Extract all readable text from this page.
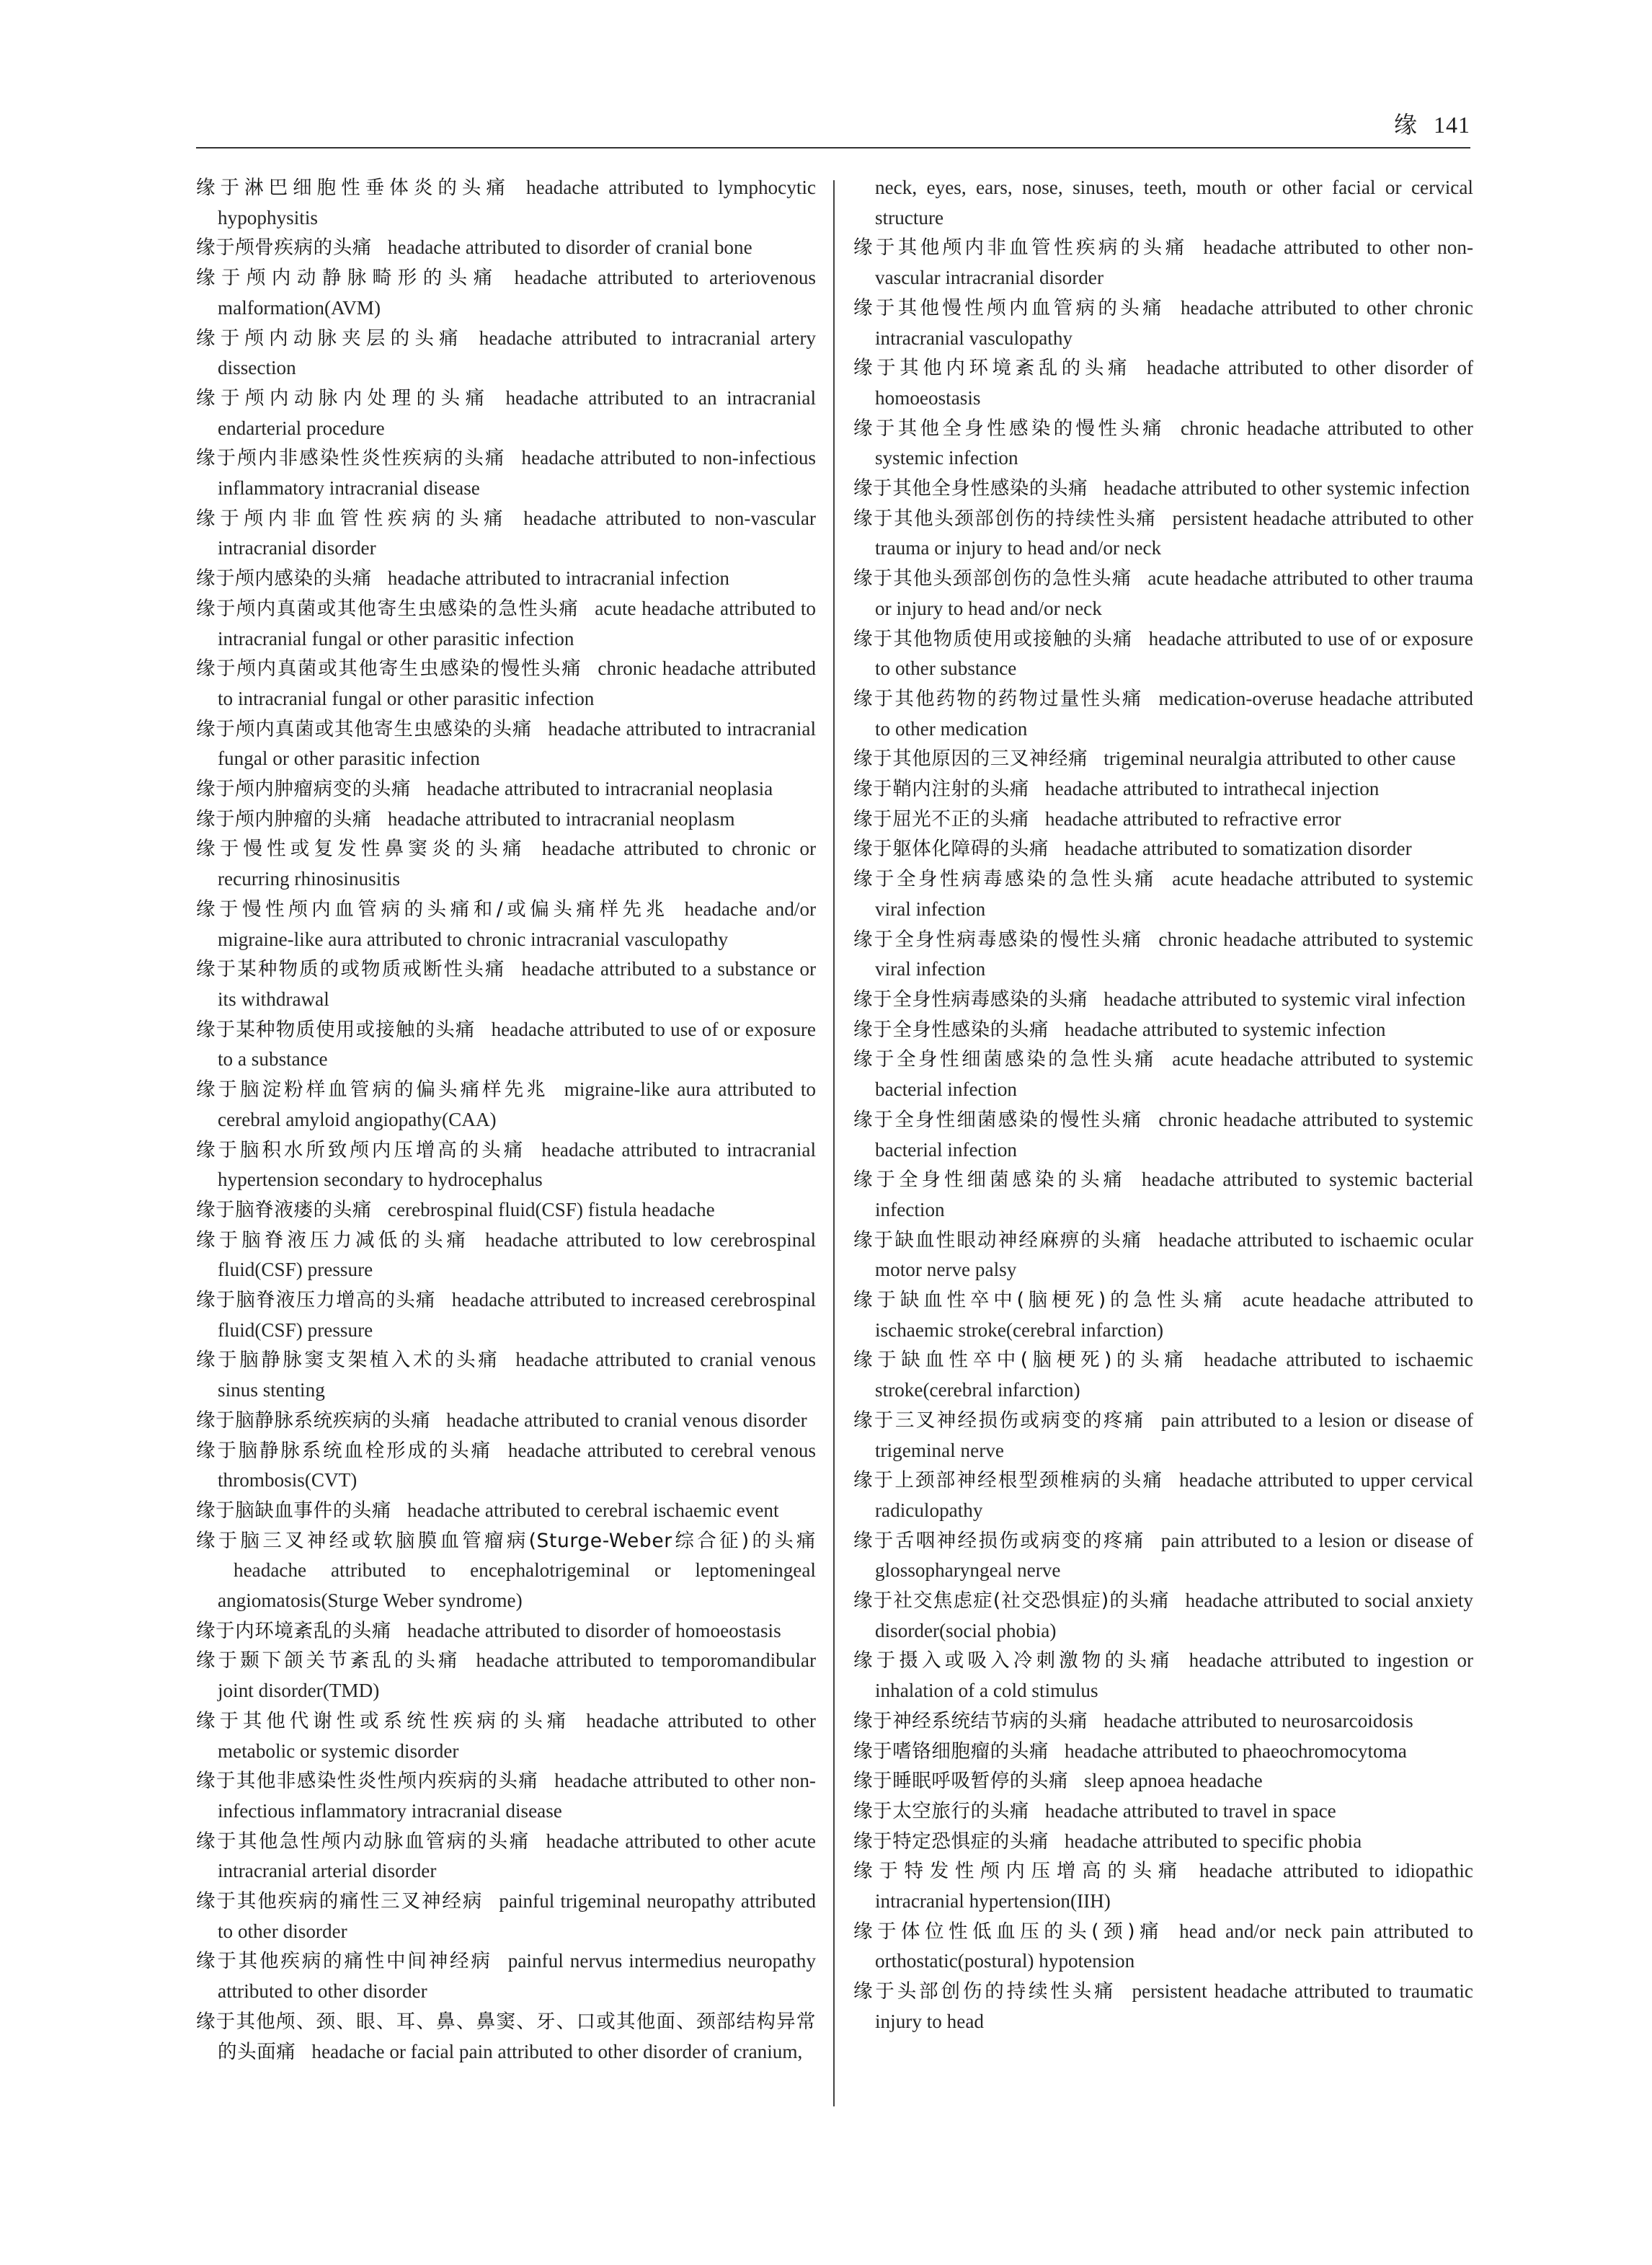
缘 141
缘于淋巴细胞性垂体炎的头痛 headache attributed to lymphocytic hypophysitis
缘于颅骨疾病的头痛 headache attributed to disorder of cranial bone
缘于颅内动静脉畸形的头痛 headache attributed to arteriovenous malformation(AVM)
缘于颅内动脉夹层的头痛 headache attributed to intracranial artery dissection
缘于颅内动脉内处理的头痛 headache attributed to an intracranial endarterial procedure
缘于颅内非感染性炎性疾病的头痛 headache attributed to non-infectious inflammatory intracranial disease
缘于颅内非血管性疾病的头痛 headache attributed to non-vascular intracranial disorder
缘于颅内感染的头痛 headache attributed to intracranial infection
缘于颅内真菌或其他寄生虫感染的急性头痛 acute headache attributed to intracranial fungal or other parasitic infection
缘于颅内真菌或其他寄生虫感染的慢性头痛 chronic headache attributed to intracranial fungal or other parasitic infection
缘于颅内真菌或其他寄生虫感染的头痛 headache attributed to intracranial fungal or other parasitic infection
缘于颅内肿瘤病变的头痛 headache attributed to intracranial neoplasia
缘于颅内肿瘤的头痛 headache attributed to intracranial neoplasm
缘于慢性或复发性鼻窦炎的头痛 headache attributed to chronic or recurring rhinosinusitis
缘于慢性颅内血管病的头痛和/或偏头痛样先兆 headache and/or migraine-like aura attributed to chronic intracranial vasculopathy
缘于某种物质的或物质戒断性头痛 headache attributed to a substance or its withdrawal
缘于某种物质使用或接触的头痛 headache attributed to use of or exposure to a substance
缘于脑淀粉样血管病的偏头痛样先兆 migraine-like aura attributed to cerebral amyloid angiopathy(CAA)
缘于脑积水所致颅内压增高的头痛 headache attributed to intracranial hypertension secondary to hydrocephalus
缘于脑脊液瘘的头痛 cerebrospinal fluid(CSF) fistula headache
缘于脑脊液压力减低的头痛 headache attributed to low cerebrospinal fluid(CSF) pressure
缘于脑脊液压力增高的头痛 headache attributed to increased cerebrospinal fluid(CSF) pressure
缘于脑静脉窦支架植入术的头痛 headache attributed to cranial venous sinus stenting
缘于脑静脉系统疾病的头痛 headache attributed to cranial venous disorder
缘于脑静脉系统血栓形成的头痛 headache attributed to cerebral venous thrombosis(CVT)
缘于脑缺血事件的头痛 headache attributed to cerebral ischaemic event
缘于脑三叉神经或软脑膜血管瘤病(Sturge-Weber综合征)的头痛headache attributed to encephalotrigeminal or leptomeningeal angiomatosis(Sturge Weber syndrome)
缘于内环境紊乱的头痛 headache attributed to disorder of homoeostasis
缘于颞下颌关节紊乱的头痛 headache attributed to temporomandibular joint disorder(TMD)
缘于其他代谢性或系统性疾病的头痛 headache attributed to other metabolic or systemic disorder
缘于其他非感染性炎性颅内疾病的头痛 headache attributed to other non-infectious inflammatory intracranial disease
缘于其他急性颅内动脉血管病的头痛 headache attributed to other acute intracranial arterial disorder
缘于其他疾病的痛性三叉神经病 painful trigeminal neuropathy attributed to other disorder
缘于其他疾病的痛性中间神经病 painful nervus intermedius neuropathy attributed to other disorder
缘于其他颅、颈、眼、耳、鼻、鼻窦、牙、口或其他面、颈部结构异常的头面痛 headache or facial pain attributed to other disorder of cranium,
neck, eyes, ears, nose, sinuses, teeth, mouth or other facial or cervical structure
缘于其他颅内非血管性疾病的头痛 headache attributed to other non-vascular intracranial disorder
缘于其他慢性颅内血管病的头痛 headache attributed to other chronic intracranial vasculopathy
缘于其他内环境紊乱的头痛 headache attributed to other disorder of homoeostasis
缘于其他全身性感染的慢性头痛 chronic headache attributed to other systemic infection
缘于其他全身性感染的头痛 headache attributed to other systemic infection
缘于其他头颈部创伤的持续性头痛 persistent headache attributed to other trauma or injury to head and/or neck
缘于其他头颈部创伤的急性头痛 acute headache attributed to other trauma or injury to head and/or neck
缘于其他物质使用或接触的头痛 headache attributed to use of or exposure to other substance
缘于其他药物的药物过量性头痛 medication-overuse headache attributed to other medication
缘于其他原因的三叉神经痛 trigeminal neuralgia attributed to other cause
缘于鞘内注射的头痛 headache attributed to intrathecal injection
缘于屈光不正的头痛 headache attributed to refractive error
缘于躯体化障碍的头痛 headache attributed to somatization disorder
缘于全身性病毒感染的急性头痛 acute headache attributed to systemic viral infection
缘于全身性病毒感染的慢性头痛 chronic headache attributed to systemic viral infection
缘于全身性病毒感染的头痛 headache attributed to systemic viral infection
缘于全身性感染的头痛 headache attributed to systemic infection
缘于全身性细菌感染的急性头痛 acute headache attributed to systemic bacterial infection
缘于全身性细菌感染的慢性头痛 chronic headache attributed to systemic bacterial infection
缘于全身性细菌感染的头痛 headache attributed to systemic bacterial infection
缘于缺血性眼动神经麻痹的头痛 headache attributed to ischaemic ocular motor nerve palsy
缘于缺血性卒中(脑梗死)的急性头痛 acute headache attributed to ischaemic stroke(cerebral infarction)
缘于缺血性卒中(脑梗死)的头痛 headache attributed to ischaemic stroke(cerebral infarction)
缘于三叉神经损伤或病变的疼痛 pain attributed to a lesion or disease of trigeminal nerve
缘于上颈部神经根型颈椎病的头痛 headache attributed to upper cervical radiculopathy
缘于舌咽神经损伤或病变的疼痛 pain attributed to a lesion or disease of glossopharyngeal nerve
缘于社交焦虑症(社交恐惧症)的头痛 headache attributed to social anxiety disorder(social phobia)
缘于摄入或吸入冷刺激物的头痛 headache attributed to ingestion or inhalation of a cold stimulus
缘于神经系统结节病的头痛 headache attributed to neurosarcoidosis
缘于嗜铬细胞瘤的头痛 headache attributed to phaeochromocytoma
缘于睡眠呼吸暂停的头痛 sleep apnoea headache
缘于太空旅行的头痛 headache attributed to travel in space
缘于特定恐惧症的头痛 headache attributed to specific phobia
缘于特发性颅内压增高的头痛 headache attributed to idiopathic intracranial hypertension(IIH)
缘于体位性低血压的头(颈)痛 head and/or neck pain attributed to orthostatic(postural) hypotension
缘于头部创伤的持续性头痛 persistent headache attributed to traumatic injury to head
